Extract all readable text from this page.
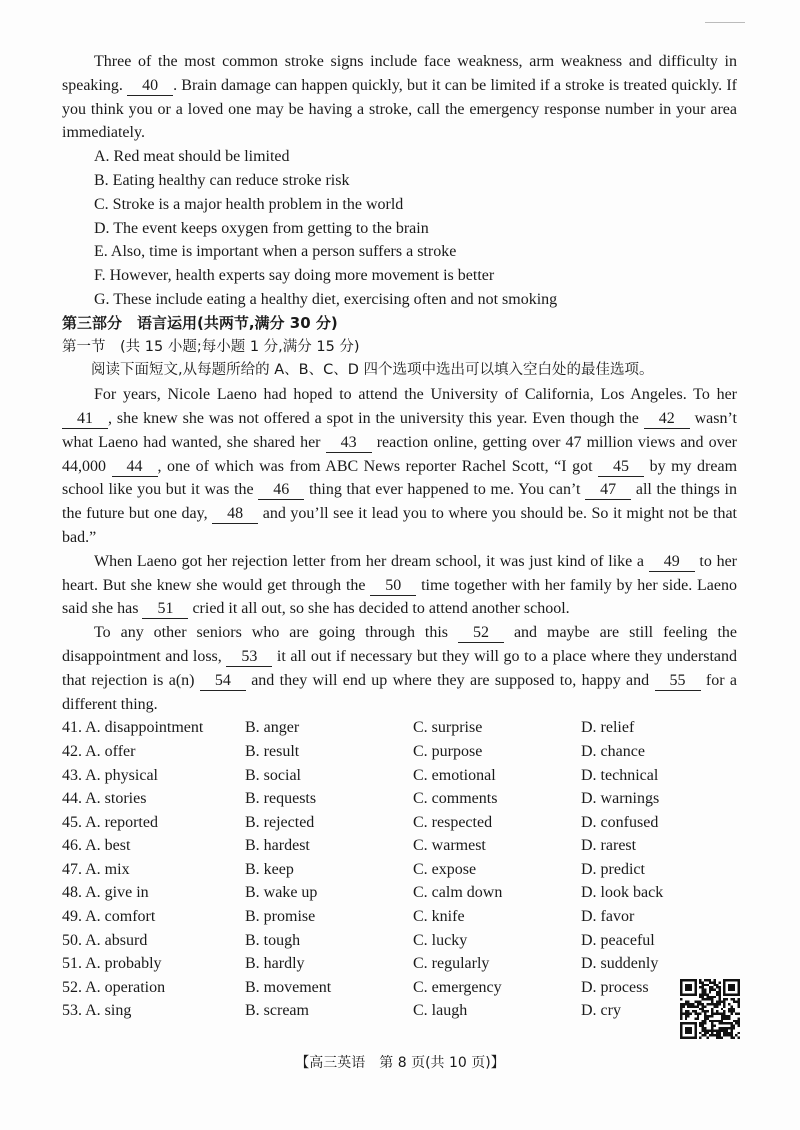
Three of the most common stroke signs include face weakness, arm weakness and difficulty in speaking. 40 . Brain damage can happen quickly, but it can be limited if a stroke is treated quickly. If you think you or a loved one may be having a stroke, call the emergency response number in your area immediately.

A. Red meat should be limited
B. Eating healthy can reduce stroke risk
C. Stroke is a major health problem in the world
D. The event keeps oxygen from getting to the brain
E. Also, time is important when a person suffers a stroke
F. However, health experts say doing more movement is better
G. These include eating a healthy diet, exercising often and not smoking
第三部分　语言运用(共两节,满分 30 分)
第一节　(共 15 小题;每小题 1 分,满分 15 分)
阅读下面短文,从每题所给的 A、B、C、D 四个选项中选出可以填入空白处的最佳选项。

For years, Nicole Laeno had hoped to attend the University of California, Los Angeles. To her 41 , she knew she was not offered a spot in the university this year. Even though the 42 wasn’t what Laeno had wanted, she shared her 43 reaction online, getting over 47 million views and over 44,000 44 , one of which was from ABC News reporter Rachel Scott, “I got 45 by my dream school like you but it was the 46 thing that ever happened to me. You can’t 47 all the things in the future but one day, 48 and you’ll see it lead you to where you should be. So it might not be that bad.”

When Laeno got her rejection letter from her dream school, it was just kind of like a 49 to her heart. But she knew she would get through the 50 time together with her family by her side. Laeno said she has 51 cried it all out, so she has decided to attend another school.

To any other seniors who are going through this 52 and maybe are still feeling the disappointment and loss, 53 it all out if necessary but they will go to a place where they understand that rejection is a(n) 54 and they will end up where they are supposed to, happy and 55 for a different thing.

41. A. disappointment	B. anger	C. surprise	D. relief
42. A. offer	B. result	C. purpose	D. chance
43. A. physical	B. social	C. emotional	D. technical
44. A. stories	B. requests	C. comments	D. warnings
45. A. reported	B. rejected	C. respected	D. confused
46. A. best	B. hardest	C. warmest	D. rarest
47. A. mix	B. keep	C. expose	D. predict
48. A. give in	B. wake up	C. calm down	D. look back
49. A. comfort	B. promise	C. knife	D. favor
50. A. absurd	B. tough	C. lucky	D. peaceful
51. A. probably	B. hardly	C. regularly	D. suddenly
52. A. operation	B. movement	C. emergency	D. process
53. A. sing	B. scream	C. laugh	D. cry
【高三英语　第 8 页(共 10 页)】
